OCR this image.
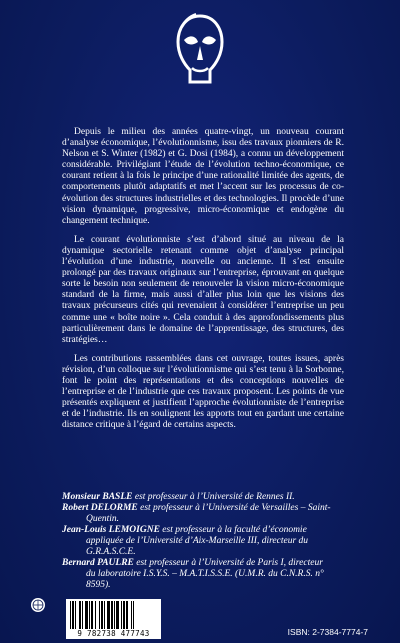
Depuis le milieu des années quatre-vingt, un nouveau courant d’analyse économique, l’évolutionnisme, issu des travaux pionniers de R. Nelson et S. Winter (1982) et G. Dosi (1984), a connu un développement considérable. Privilégiant l’étude de l’évolution techno-économique, ce courant retient à la fois le principe d’une rationalité limitée des agents, de comportements plutôt adaptatifs et met l’accent sur les processus de co-évolution des structures industrielles et des technologies. Il procède d’une vision dynamique, progressive, micro-économique et endogène du changement technique.

Le courant évolutionniste s’est d’abord situé au niveau de la dynamique sectorielle retenant comme objet d’analyse principal l’évolution d’une industrie, nouvelle ou ancienne. Il s’est ensuite prolongé par des travaux originaux sur l’entreprise, éprouvant en quelque sorte le besoin non seulement de renouveler la vision micro-économique standard de la firme, mais aussi d’aller plus loin que les visions des travaux précurseurs cités qui revenaient à considérer l’entreprise un peu comme une « boîte noire ». Cela conduit à des approfondissements plus particulièrement dans le domaine de l’apprentissage, des structures, des stratégies…

Les contributions rassemblées dans cet ouvrage, toutes issues, après révision, d’un colloque sur l’évolutionnisme qui s’est tenu à la Sorbonne, font le point des représentations et des conceptions nouvelles de l’entreprise et de l’industrie que ces travaux proposent. Les points de vue présentés expliquent et justifient l’approche évolutionniste de l’entreprise et de l’industrie. Ils en soulignent les apports tout en gardant une certaine distance critique à l’égard de certains aspects.

Monsieur BASLE est professeur à l’Université de Rennes II.
Robert DELORME est professeur à l’Université de Versailles – Saint-
Quentin.
Jean-Louis LEMOIGNE est professeur à la faculté d’économie
appliquée de l’Université d’Aix-Marseille III, directeur du G.R.A.S.C.E.
Bernard PAULRE est professeur à l’Université de Paris I, directeur
du laboratoire I.S.Y.S. – M.A.T.I.S.S.E. (U.M.R. du C.N.R.S. n° 8595).
9 782738 477743	ISBN: 2-7384-7774-7
